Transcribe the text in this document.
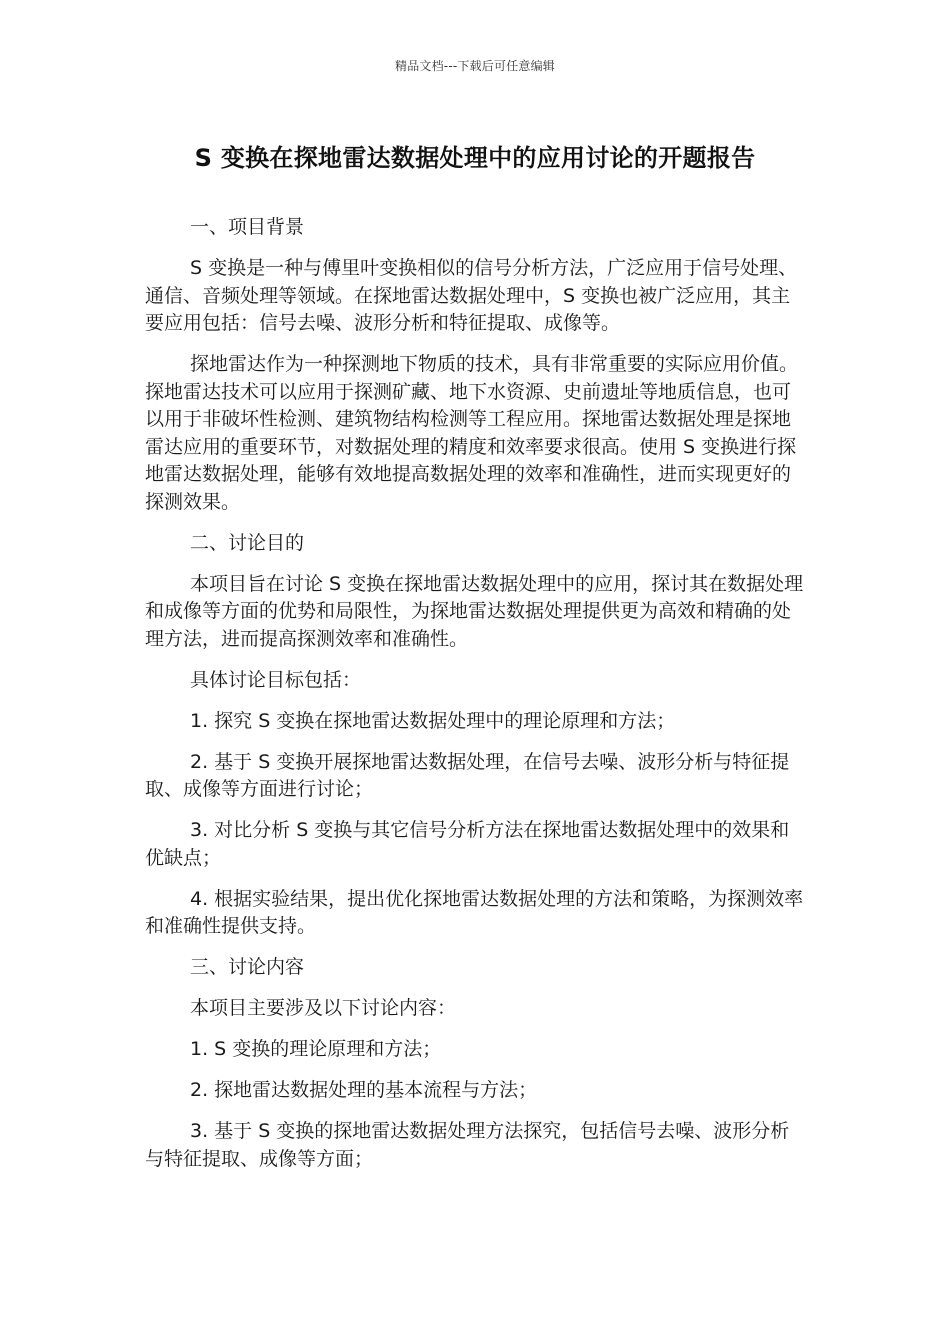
精品文档---下载后可任意编辑
S 变换在探地雷达数据处理中的应用讨论的开题报告

一、项目背景

S 变换是一种与傅里叶变换相似的信号分析方法，广泛应用于信号处理、通信、音频处理等领域。在探地雷达数据处理中，S 变换也被广泛应用，其主要应用包括：信号去噪、波形分析和特征提取、成像等。

探地雷达作为一种探测地下物质的技术，具有非常重要的实际应用价值。探地雷达技术可以应用于探测矿藏、地下水资源、史前遗址等地质信息，也可以用于非破坏性检测、建筑物结构检测等工程应用。探地雷达数据处理是探地雷达应用的重要环节，对数据处理的精度和效率要求很高。使用 S 变换进行探地雷达数据处理，能够有效地提高数据处理的效率和准确性，进而实现更好的探测效果。

二、讨论目的

本项目旨在讨论 S 变换在探地雷达数据处理中的应用，探讨其在数据处理和成像等方面的优势和局限性，为探地雷达数据处理提供更为高效和精确的处理方法，进而提高探测效率和准确性。

具体讨论目标包括：

1. 探究 S 变换在探地雷达数据处理中的理论原理和方法；

2. 基于 S 变换开展探地雷达数据处理，在信号去噪、波形分析与特征提取、成像等方面进行讨论；

3. 对比分析 S 变换与其它信号分析方法在探地雷达数据处理中的效果和优缺点；

4. 根据实验结果，提出优化探地雷达数据处理的方法和策略，为探测效率和准确性提供支持。

三、讨论内容

本项目主要涉及以下讨论内容：

1. S 变换的理论原理和方法；

2. 探地雷达数据处理的基本流程与方法；

3. 基于 S 变换的探地雷达数据处理方法探究，包括信号去噪、波形分析与特征提取、成像等方面；
